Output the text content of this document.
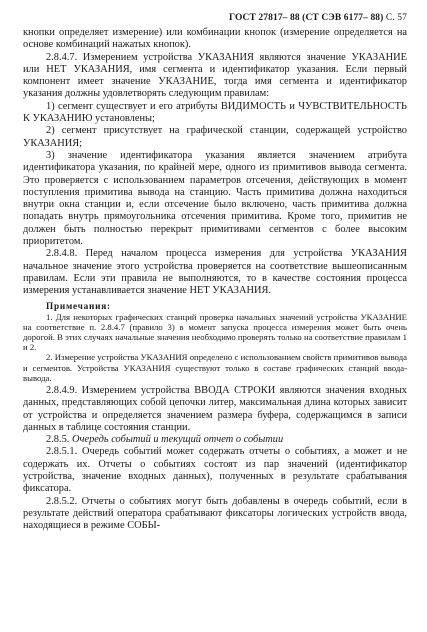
ГОСТ 27817– 88 (СТ СЭВ 6177– 88) С. 57

кнопки определяет измерение) или комбинации кнопок (измерение определяется на основе комбинаций нажатых кнопок).

2.8.4.7. Измерением устройства УКАЗАНИЯ являются значение УКАЗАНИЕ или НЕТ УКАЗАНИЯ, имя сегмента и идентификатор указания. Если первый компонент имеет значение УКАЗАНИЕ, тогда имя сегмента и идентификатор указания должны удовлетворять следующим правилам:

1) сегмент существует и его атрибуты ВИДИМОСТЬ и ЧУВСТВИТЕЛЬНОСТЬ К УКАЗАНИЮ установлены;

2) сегмент присутствует на графической станции, содержащей устройство УКАЗАНИЯ;

3) значение идентификатора указания является значением атрибута идентификатора указания, по крайней мере, одного из примитивов вывода сегмента. Это проверяется с использованием параметров отсечения, действующих в момент поступления примитива вывода на станцию. Часть примитива должна находиться внутри окна станции и, если отсечение было включено, часть примитива должна попадать внутрь прямоугольника отсечения примитива. Кроме того, примитив не должен быть полностью перекрыт примитивами сегментов с более высоким приоритетом.

2.8.4.8. Перед началом процесса измерения для устройства УКАЗАНИЯ начальное значение этого устройства проверяется на соответствие вышеописанным правилам. Если эти правила не выполняются, то в качестве состояния процесса измерения устанавливается значение НЕТ УКАЗАНИЯ.

Примечания:

1. Для некоторых графических станций проверка начальных значений устройства УКАЗАНИЕ на соответствие п. 2.8.4.7 (правило 3) в момент запуска процесса измерения может быть очень дорогой. В этих случаях начальные значения необходимо проверять только на соответствие правилам 1 и 2.

2. Измерение устройства УКАЗАНИЯ определено с использованием свойств примитивов вывода и сегментов. Устройства УКАЗАНИЯ существуют только в составе графических станций ввода-вывода.

2.8.4.9. Измерением устройства ВВОДА СТРОКИ являются значения входных данных, представляющих собой цепочки литер, максимальная длина которых зависит от устройства и определяется значением размера буфера, содержащимся в записи данных в таблице состояния станции.

2.8.5. Очередь событий и текущий отчет о событии

2.8.5.1. Очередь событий может содержать отчеты о событиях, а может и не содержать их. Отчеты о событиях состоят из пар значений (идентификатор устройства, значение входных данных), полученных в результате срабатывания фиксатора.

2.8.5.2. Отчеты о событиях могут быть добавлены в очередь событий, если в результате действий оператора срабатывают фиксаторы логических устройств ввода, находящиеся в режиме СОБЫ-
